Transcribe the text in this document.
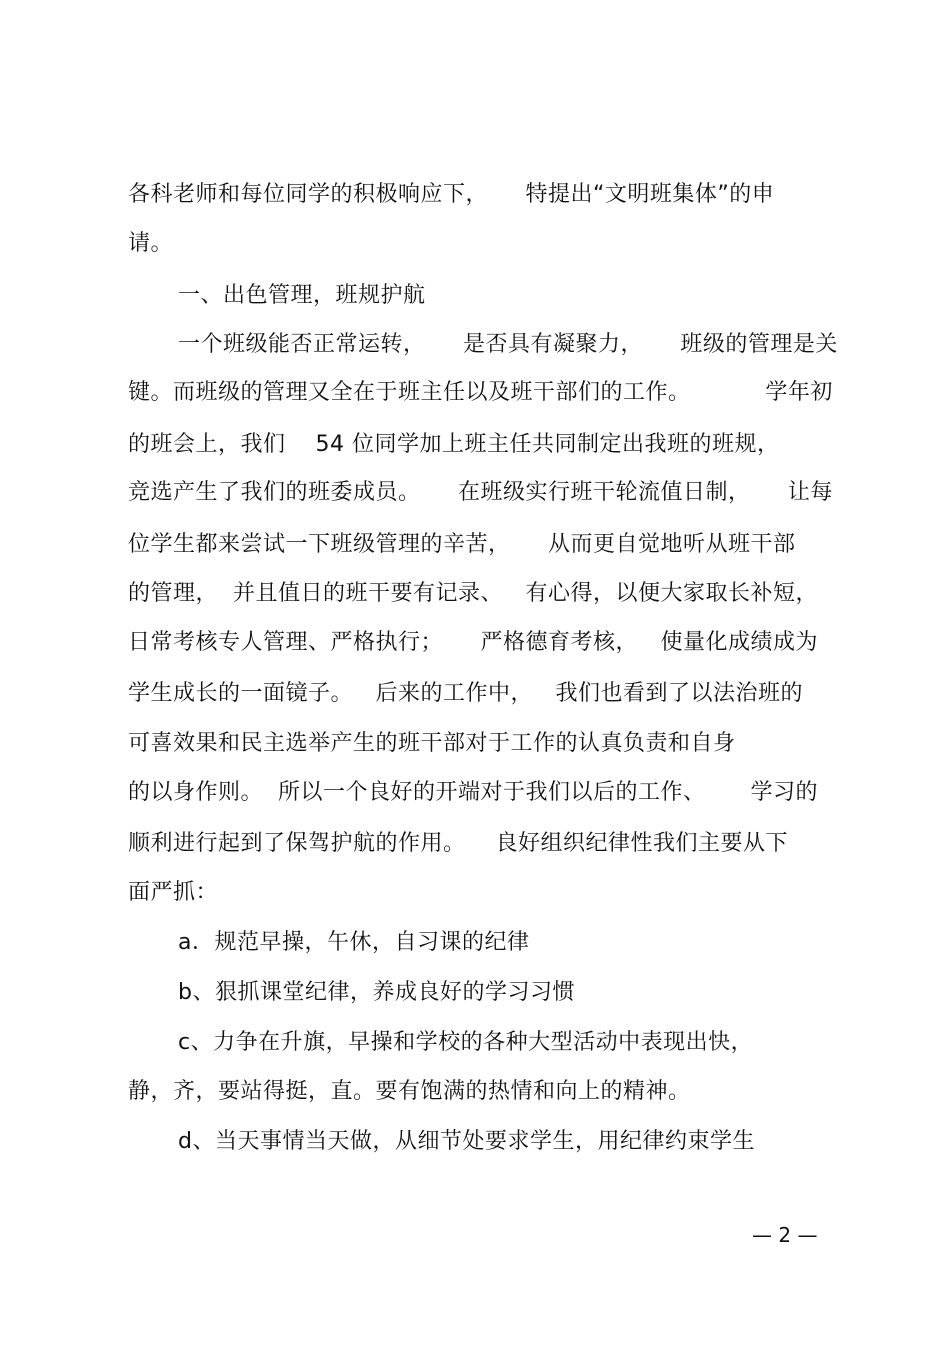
各科老师和每位同学的积极响应下，     特提出“文明班集体”的申
请。
一、出色管理，班规护航
一个班级能否正常运转，     是否具有凝聚力，     班级的管理是关
键。而班级的管理又全在于班主任以及班干部们的工作。          学年初
的班会上，我们    54 位同学加上班主任共同制定出我班的班规，
竞选产生了我们的班委成员。     在班级实行班干轮流值日制，     让每
位学生都来尝试一下班级管理的辛苦，     从而更自觉地听从班干部
的管理，  并且值日的班干要有记录、   有心得，以便大家取长补短，
日常考核专人管理、严格执行；     严格德育考核，   使量化成绩成为
学生成长的一面镜子。   后来的工作中，   我们也看到了以法治班的
可喜效果和民主选举产生的班干部对于工作的认真负责和自身
的以身作则。  所以一个良好的开端对于我们以后的工作、      学习的
顺利进行起到了保驾护航的作用。    良好组织纪律性我们主要从下
面严抓：
a．规范早操，午休，自习课的纪律
b、狠抓课堂纪律，养成良好的学习习惯
c、力争在升旗，早操和学校的各种大型活动中表现出快，
静，齐，要站得挺，直。要有饱满的热情和向上的精神。
d、当天事情当天做，从细节处要求学生，用纪律约束学生
— 2 —
